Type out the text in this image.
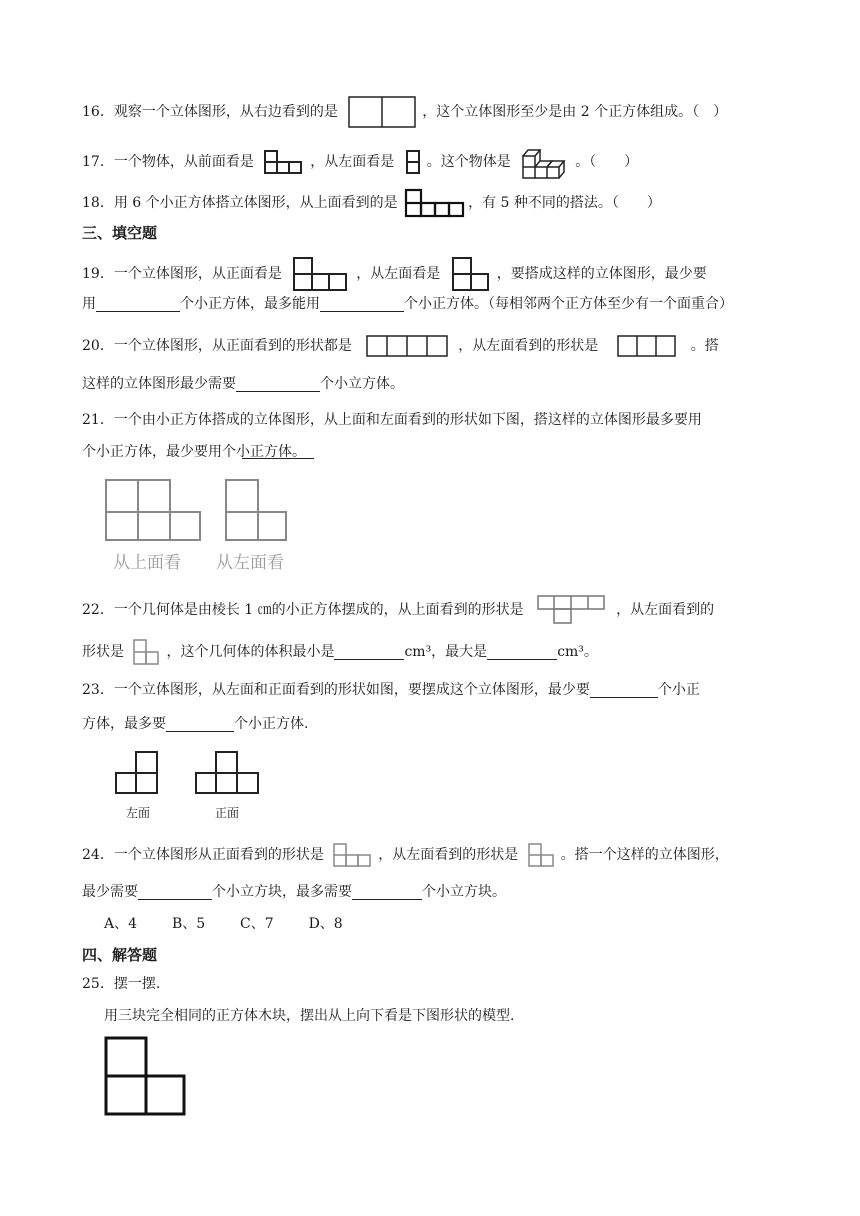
16．观察一个立体图形，从右边看到的是	，这个立体图形至少是由 2 个正方体组成。（　）
17．一个物体，从前面看是	，从左面看是 。这个物体是	。（　　）
18．用 6 个小正方体搭立体图形，从上面看到的是	，有 5 种不同的搭法。（　　）
三、填空题
19．一个立体图形，从正面看是	，从左面看是	，要搭成这样的立体图形，最少要
用	个小正方体，最多能用	个小正方体。（每相邻两个正方体至少有一个面重合）
20．一个立体图形，从正面看到的形状都是	，从左面看到的形状是	。搭
这样的立体图形最少需要	个小立方体。
21．一个由小正方体搭成的立体图形，从上面和左面看到的形状如下图，搭这样的立体图形最多要用
个小正方体，最少要用个小正方体。
从上面看 从左面看
22．一个几何体是由棱长 1 ㎝的小正方体摆成的，从上面看到的形状是	，从左面看到的
形状是	，这个几何体的体积最小是	cm³，最大是	cm³。
23．一个立体图形，从左面和正面看到的形状如图，要摆成这个立体图形，最少要	个小正
方体，最多要	个小正方体.
左面	正面
24．一个立体图形从正面看到的形状是	，从左面看到的形状是	。搭一个这样的立体图形，
最少需要	个小立方块，最多需要	个小立方块。
A、4 B、5 C、7 D、8
四、解答题
25．摆一摆.
用三块完全相同的正方体木块，摆出从上向下看是下图形状的模型.
